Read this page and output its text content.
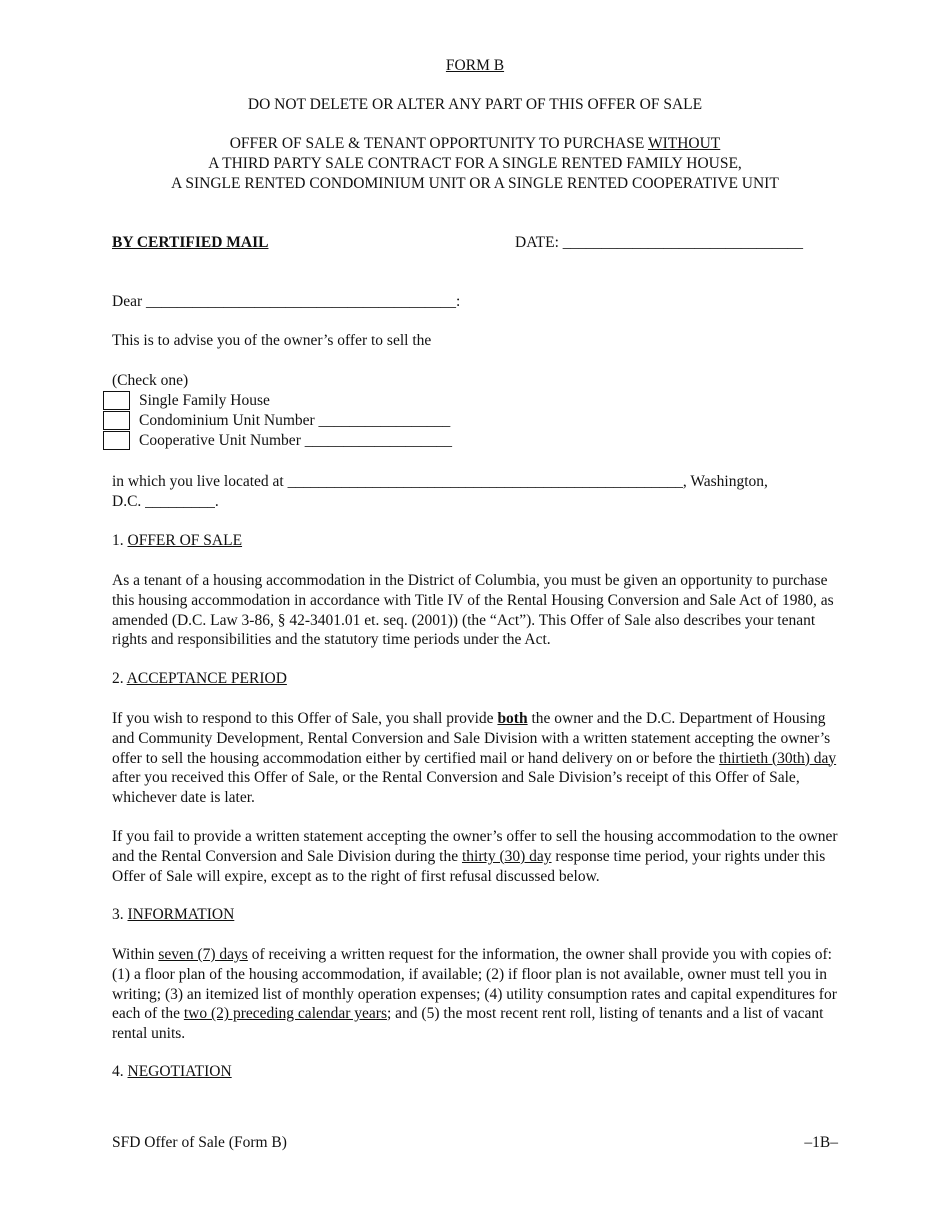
FORM B
DO NOT DELETE OR ALTER ANY PART OF THIS OFFER OF SALE
OFFER OF SALE & TENANT OPPORTUNITY TO PURCHASE WITHOUT
A THIRD PARTY SALE CONTRACT FOR A SINGLE RENTED FAMILY HOUSE,
A SINGLE RENTED CONDOMINIUM UNIT OR A SINGLE RENTED COOPERATIVE UNIT
BY CERTIFIED MAIL	DATE: _______________________________
Dear ________________________________________:
This is to advise you of the owner’s offer to sell the
(Check one)
Single Family House
Condominium Unit Number _________________
Cooperative Unit Number ___________________
in which you live located at ___________________________________________________, Washington,
D.C. _________.
1. OFFER OF SALE
As a tenant of a housing accommodation in the District of Columbia, you must be given an opportunity to purchase this housing accommodation in accordance with Title IV of the Rental Housing Conversion and Sale Act of 1980, as amended (D.C. Law 3-86, § 42-3401.01 et. seq. (2001)) (the “Act”). This Offer of Sale also describes your tenant rights and responsibilities and the statutory time periods under the Act.
2. ACCEPTANCE PERIOD
If you wish to respond to this Offer of Sale, you shall provide both the owner and the D.C. Department of Housing and Community Development, Rental Conversion and Sale Division with a written statement accepting the owner’s offer to sell the housing accommodation either by certified mail or hand delivery on or before the thirtieth (30th) day after you received this Offer of Sale, or the Rental Conversion and Sale Division’s receipt of this Offer of Sale, whichever date is later.
If you fail to provide a written statement accepting the owner’s offer to sell the housing accommodation to the owner and the Rental Conversion and Sale Division during the thirty (30) day response time period, your rights under this Offer of Sale will expire, except as to the right of first refusal discussed below.
3. INFORMATION
Within seven (7) days of receiving a written request for the information, the owner shall provide you with copies of: (1) a floor plan of the housing accommodation, if available; (2) if floor plan is not available, owner must tell you in writing; (3) an itemized list of monthly operation expenses; (4) utility consumption rates and capital expenditures for each of the two (2) preceding calendar years; and (5) the most recent rent roll, listing of tenants and a list of vacant rental units.
4. NEGOTIATION
SFD Offer of Sale (Form B)	–1B–
